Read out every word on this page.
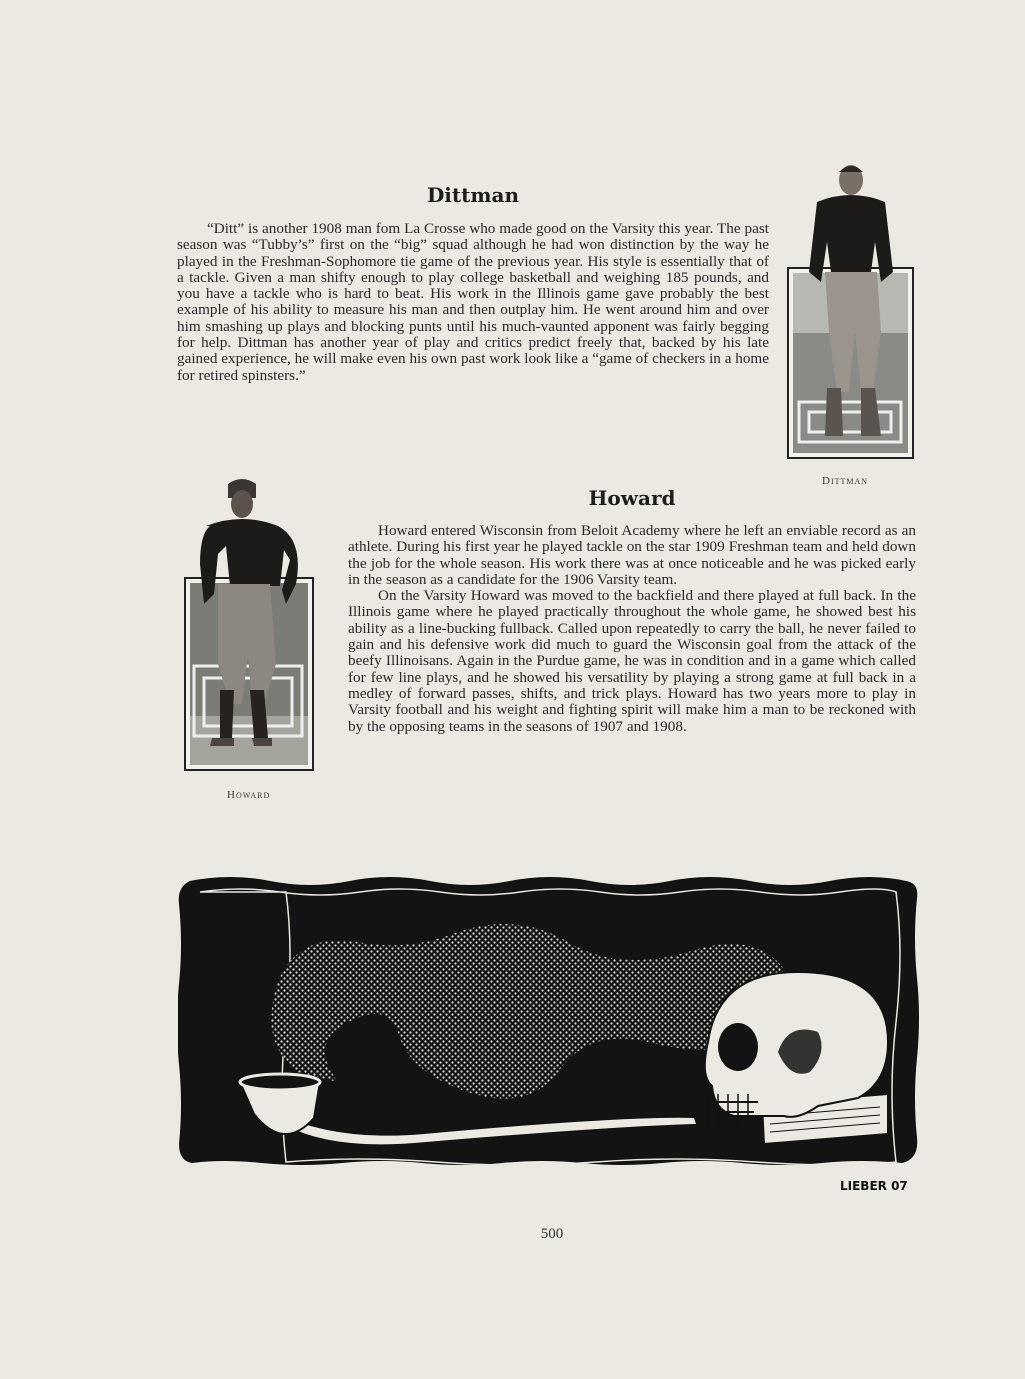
Dittman

“Ditt” is another 1908 man fom La Crosse who made good on the Varsity this year. The past season was “Tubby’s” first on the “big” squad although he had won distinction by the way he played in the Freshman-Sophomore tie game of the previous year. His style is essentially that of a tackle. Given a man shifty enough to play college basketball and weighing 185 pounds, and you have a tackle who is hard to beat. His work in the Illinois game gave probably the best example of his ability to measure his man and then outplay him. He went around him and over him smashing up plays and blocking punts until his much-vaunted apponent was fairly begging for help. Dittman has another year of play and critics predict freely that, backed by his late gained experience, he will make even his own past work look like a “game of checkers in a home for retired spinsters.”

Dittman
Howard

Howard entered Wisconsin from Beloit Academy where he left an enviable record as an athlete. During his first year he played tackle on the star 1909 Freshman team and held down the job for the whole season. His work there was at once noticeable and he was picked early in the season as a candidate for the 1906 Varsity team.

On the Varsity Howard was moved to the backfield and there played at full back. In the Illinois game where he played practically throughout the whole game, he showed best his ability as a line-bucking fullback. Called upon repeatedly to carry the ball, he never failed to gain and his defensive work did much to guard the Wisconsin goal from the attack of the beefy Illinoisans. Again in the Purdue game, he was in condition and in a game which called for few line plays, and he showed his versatility by playing a strong game at full back in a medley of forward passes, shifts, and trick plays. Howard has two years more to play in Varsity football and his weight and fighting spirit will make him a man to be reckoned with by the opposing teams in the seasons of 1907 and 1908.

Howard
LIEBER 07
500
